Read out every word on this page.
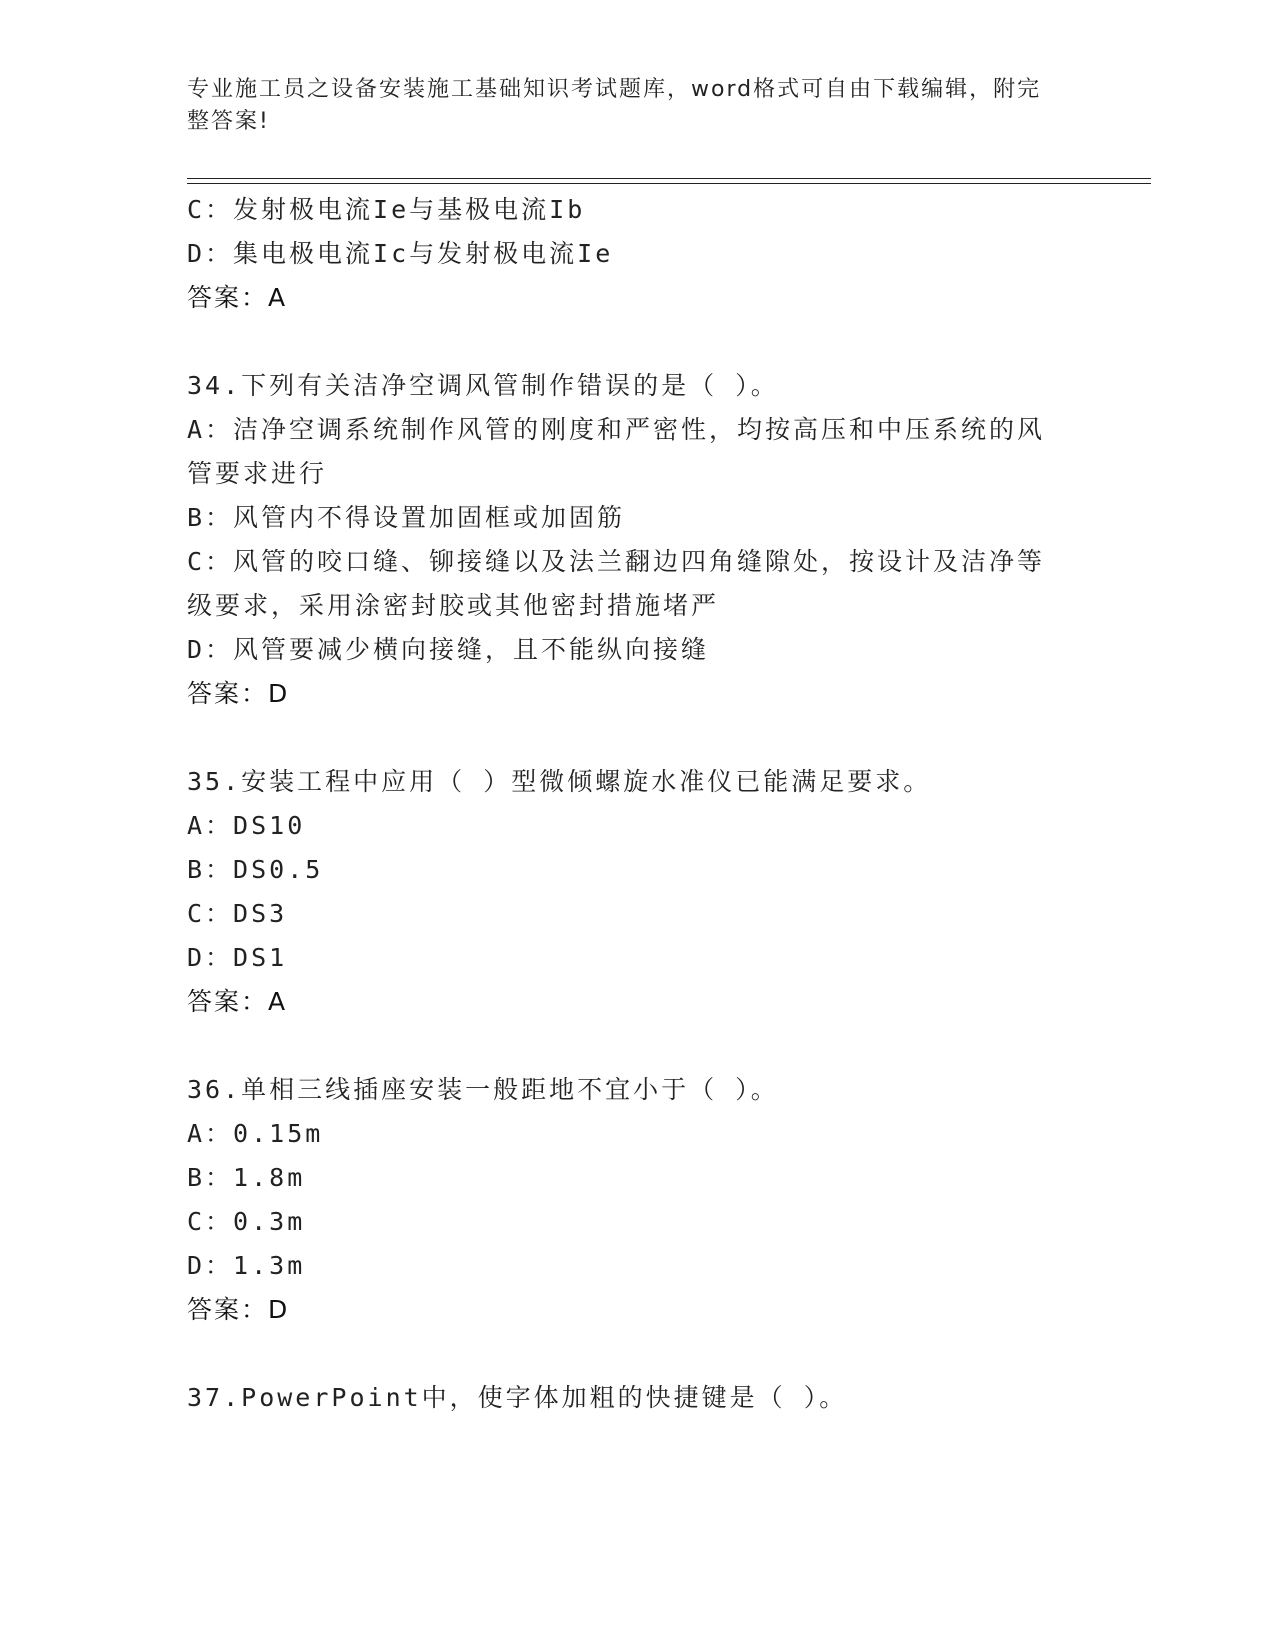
专业施工员之设备安装施工基础知识考试题库，word格式可自由下载编辑，附完
整答案!
C：发射极电流Ie与基极电流Ib
D：集电极电流Ic与发射极电流Ie
答案：A
34.下列有关洁净空调风管制作错误的是（ ）。
A：洁净空调系统制作风管的刚度和严密性，均按高压和中压系统的风
管要求进行
B：风管内不得设置加固框或加固筋
C：风管的咬口缝、铆接缝以及法兰翻边四角缝隙处，按设计及洁净等
级要求，采用涂密封胶或其他密封措施堵严
D：风管要减少横向接缝，且不能纵向接缝
答案：D
35.安装工程中应用（ ）型微倾螺旋水准仪已能满足要求。
A：DS10
B：DS0.5
C：DS3
D：DS1
答案：A
36.单相三线插座安装一般距地不宜小于（ ）。
A：0.15m
B：1.8m
C：0.3m
D：1.3m
答案：D
37.PowerPoint中，使字体加粗的快捷键是（ ）。
